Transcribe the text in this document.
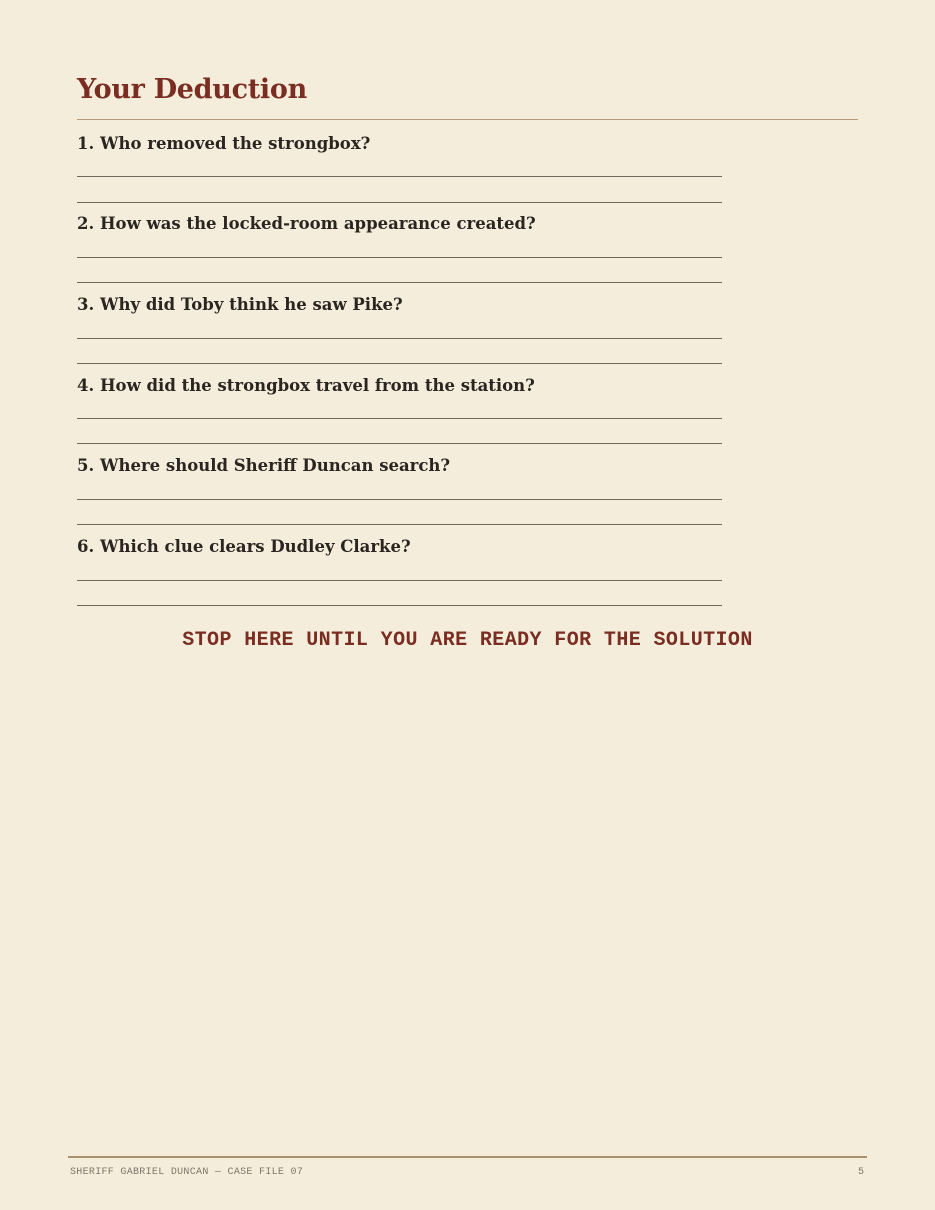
Your Deduction

1. Who removed the strongbox?

2. How was the locked-room appearance created?

3. Why did Toby think he saw Pike?

4. How did the strongbox travel from the station?

5. Where should Sheriff Duncan search?

6. Which clue clears Dudley Clarke?

STOP HERE UNTIL YOU ARE READY FOR THE SOLUTION

SHERIFF GABRIEL DUNCAN — CASE FILE 07	5
